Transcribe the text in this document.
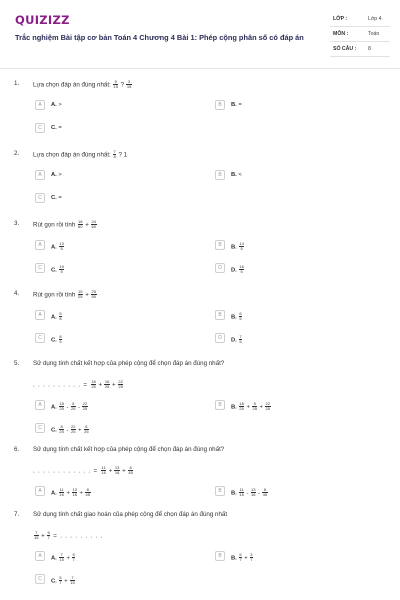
QUIZIZZ
Trắc nghiệm Bài tập cơ bản Toán 4 Chương 4 Bài 1: Phép cộng phân số có đáp án
LỚP :	Lớp 4
MÔN :	Toán
SỐ CÂU : 8
1. Lựa chọn đáp án đúng nhất: $\frac{5}{15}$ ? $\frac{3}{15}$
A	A. >	B	B. =
C	C. =
2. Lựa chọn đáp án đúng nhất: $\frac{7}{8}$ ? 1
A	A. >	B	B. <
C	C. =
3. Rút gọn rồi tính $\frac{18}{60} + \frac{24}{60}$
A	A. $\frac{13}{5}$	B	B. $\frac{14}{5}$
C	C. $\frac{15}{5}$	D	D. $\frac{16}{5}$
4. Rút gọn rồi tính $\frac{15}{25} + \frac{25}{50}$
A	A. $\frac{5}{8}$	B	B. $\frac{6}{5}$
C	C. $\frac{8}{5}$	D	D. $\frac{7}{5}$
5. Sử dụng tính chất kết hợp của phép cộng để chọn đáp án đúng nhất?
. . . . . . . . . . = $\frac{18}{25} + \frac{16}{25} + \frac{22}{25}$
A	A. $\frac{18}{25} - \frac{5}{25} - \frac{22}{25}$	B	B. $\frac{18}{25} + \frac{5}{25} + \frac{22}{25}$
C	C. $\frac{8}{25} - \frac{22}{25} + \frac{6}{25}$
6. Sử dụng tính chất kết hợp của phép cộng để chọn đáp án đúng nhất?
. . . . . . . . . . . . = $\frac{11}{16} + \frac{13}{16} + \frac{8}{45}$
A	A. $\frac{11}{16} + \frac{13}{16} + \frac{8}{45}$	B	B. $\frac{11}{16} - \frac{13}{16} - \frac{8}{45}$
7. Sử dụng tính chất giao hoán của phép cộng để chọn đáp án đúng nhất
$\frac{7}{15} + \frac{5}{7}$ = . . . . . . . . .
A	A. $\frac{7}{15} + \frac{5}{7}$	B	B. $\frac{5}{7} + \frac{3}{7}$
C	C. $\frac{5}{7} + \frac{7}{15}$
